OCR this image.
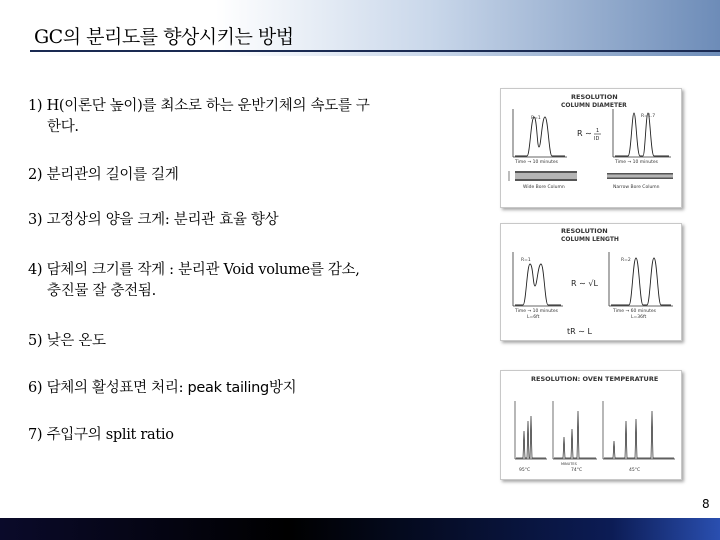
GC의 분리도를 향상시키는 방법
1) H(이론단 높이)를 최소로 하는 운반기체의 속도를 구
한다.
2) 분리관의 길이를 길게
3) 고정상의 양을 크게: 분리관 효율 향상
4) 담체의 크기를 작게 : 분리관 Void volume를 감소,
충진물 잘 충전됨.
5) 낮은 온도
6) 담체의 활성표면 처리: peak tailing방지
7) 주입구의 split ratio
RESOLUTION
COLUMN DIAMETER
R=1
Time → 10 minutes
R ∼ 1
ID
R=1.7
Time → 10 minutes
Wide Bore Column	Narrow Bore Column
RESOLUTION
COLUMN LENGTH
R=1
Time → 10 minutes
L=6ft
R ∼ √L
R=2
Time → 60 minutes
L=36ft
tR ∼ L
RESOLUTION: OVEN TEMPERATURE
95°C
MINUTES
74°C	45°C
8
